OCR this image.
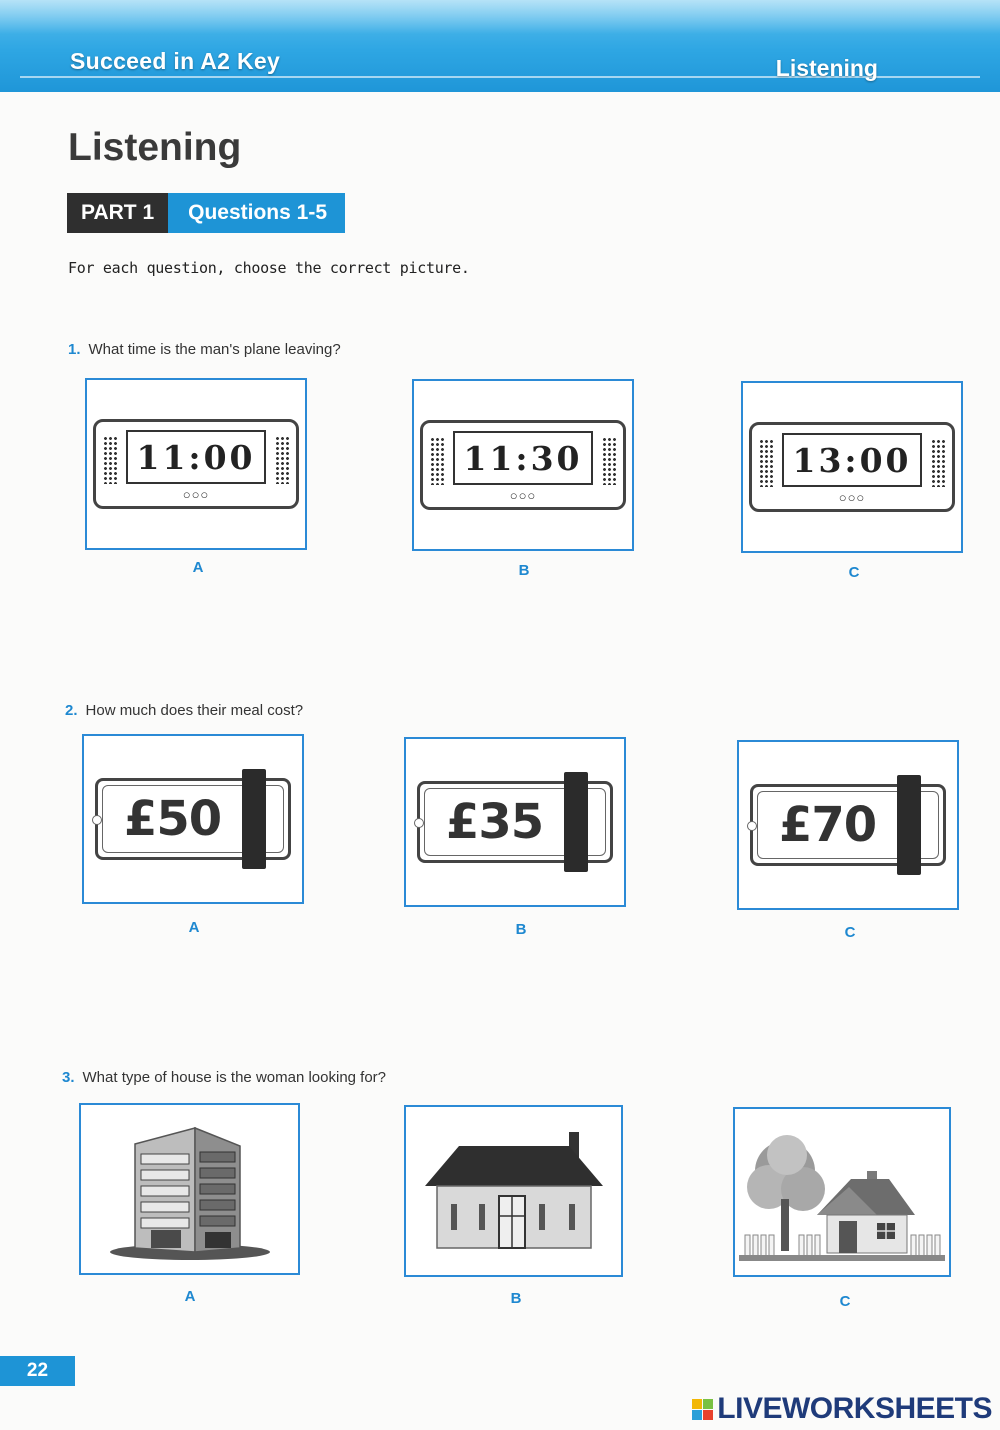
Succeed in A2 Key	Listening
Listening
PART 1	Questions 1-5
For each question, choose the correct picture.
1. What time is the man's plane leaving?
11:00
○○○
A
11:30
○○○
B
13:00
○○○
C
2. How much does their meal cost?
£50
A
£35
B
£70
C
3. What type of house is the woman looking for?
A	B	C
22
LIVEWORKSHEETS
